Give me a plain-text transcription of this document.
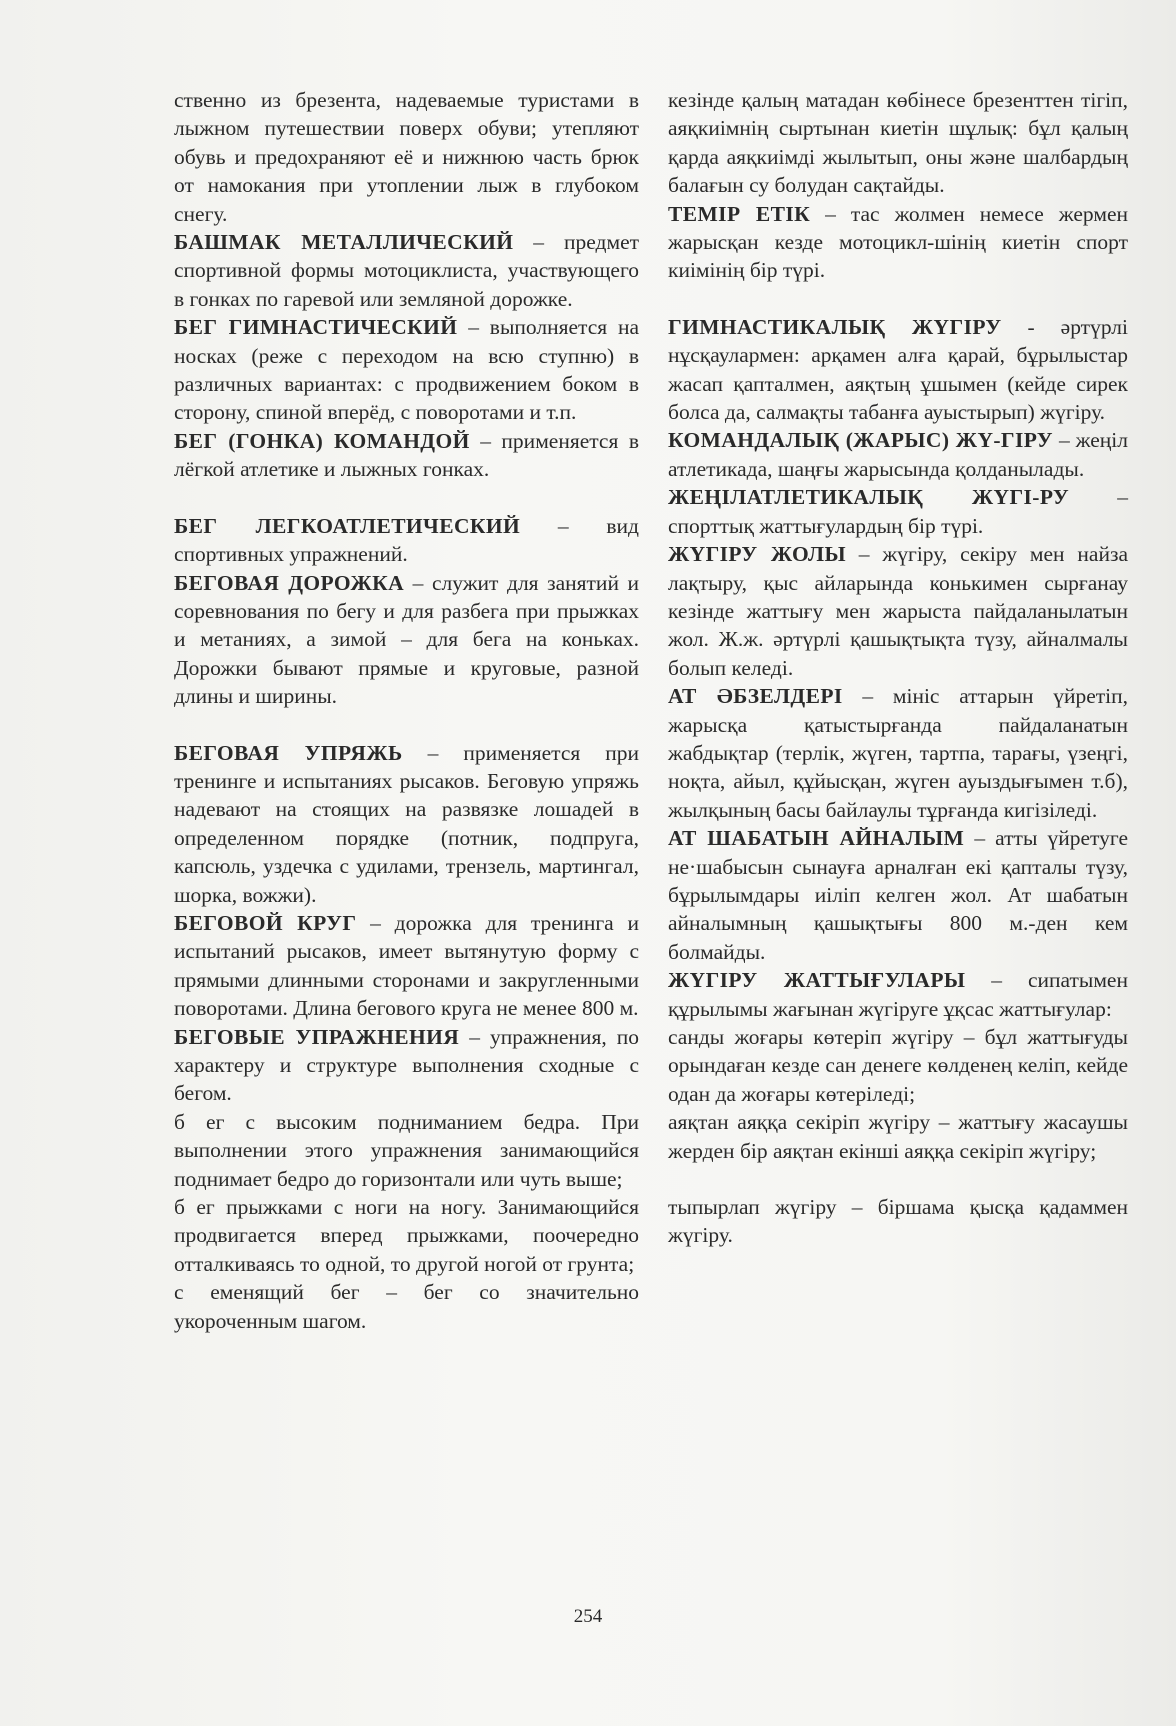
ственно из брезента, надеваемые туристами в лыжном путешествии поверх обуви; утепляют обувь и предохраняют её и нижнюю часть брюк от намокания при утоплении лыж в глубоком снегу.

БАШМАК МЕТАЛЛИЧЕСКИЙ – предмет спортивной формы мотоциклиста, участвующего в гонках по гаревой или земляной дорожке.

БЕГ ГИМНАСТИЧЕСКИЙ – выполняется на носках (реже с переходом на всю ступню) в различных вариантах: с продвижением боком в сторону, спиной вперёд, с поворотами и т.п.

БЕГ (ГОНКА) КОМАНДОЙ – применяется в лёгкой атлетике и лыжных гонках.

БЕГ ЛЕГКОАТЛЕТИЧЕСКИЙ – вид спортивных упражнений.

БЕГОВАЯ ДОРОЖКА – служит для занятий и соревнования по бегу и для разбега при прыжках и метаниях, а зимой – для бега на коньках. Дорожки бывают прямые и круговые, разной длины и ширины.

БЕГОВАЯ УПРЯЖЬ – применяется при тренинге и испытаниях рысаков. Беговую упряжь надевают на стоящих на развязке лошадей в определенном порядке (потник, подпруга, капсюль, уздечка с удилами, трензель, мартингал, шорка, вожжи).

БЕГОВОЙ КРУГ – дорожка для тренинга и испытаний рысаков, имеет вытянутую форму с прямыми длинными сторонами и закругленными поворотами. Длина бегового круга не менее 800 м.

БЕГОВЫЕ УПРАЖНЕНИЯ – упражнения, по характеру и структуре выполнения сходные с бегом.

б ег с высоким подниманием бедра. При выполнении этого упражнения занимающийся поднимает бедро до горизонтали или чуть выше;

б ег прыжками с ноги на ногу. Занимающийся продвигается вперед прыжками, поочередно отталкиваясь то одной, то другой ногой от грунта;

с еменящий бег – бег со значительно укороченным шагом.

кезінде қалың матадан көбінесе брезенттен тігіп, аяқкиімнің сыртынан киетін шұлық: бұл қалың қарда аяқкиімді жылытып, оны және шалбардың балағын су болудан сақтайды.

ТЕМІР ЕТІК – тас жолмен немесе жермен жарысқан кезде мотоцикл-шінің киетін спорт киімінің бір түрі.

ГИМНАСТИКАЛЫҚ ЖҮГІРУ - әртүрлі нұсқаулармен: арқамен алға қарай, бұрылыстар жасап қапталмен, аяқтың ұшымен (кейде сирек болса да, салмақты табанға ауыстырып) жүгіру.

КОМАНДАЛЫҚ (ЖАРЫС) ЖҮ-ГІРУ – жеңіл атлетикада, шаңғы жарысында қолданылады.

ЖЕҢІЛАТЛЕТИКАЛЫҚ ЖҮГІ-РУ – спорттық жаттығулардың бір түрі.

ЖҮГІРУ ЖОЛЫ – жүгіру, секіру мен найза лақтыру, қыс айларында конькимен сырғанау кезінде жаттығу мен жарыста пайдаланылатын жол. Ж.ж. әртүрлі қашықтықта түзу, айналмалы болып келеді.

АТ ӘБЗЕЛДЕРІ – мініс аттарын үйретіп, жарысқа қатыстырғанда пайдаланатын жабдықтар (терлік, жүген, тартпа, тарағы, үзеңгі, ноқта, айыл, құйысқан, жүген ауыздығымен т.б), жылқының басы байлаулы тұрғанда кигізіледі.

АТ ШАБАТЫН АЙНАЛЫМ – атты үйретуге не·шабысын сынауға арналған екі қапталы түзу, бұрылымдары иіліп келген жол. Ат шабатын айналымның қашықтығы 800 м.-ден кем болмайды.

ЖҮГІРУ ЖАТТЫҒУЛАРЫ – сипатымен құрылымы жағынан жүгіруге ұқсас жаттығулар:

санды жоғары көтеріп жүгіру – бұл жаттығуды орындаған кезде сан денеге көлденең келіп, кейде одан да жоғары көтеріледі;

аяқтан аяққа секіріп жүгіру – жаттығу жасаушы жерден бір аяқтан екінші аяққа секіріп жүгіру;

тыпырлап жүгіру – біршама қысқа қадаммен жүгіру.

254
